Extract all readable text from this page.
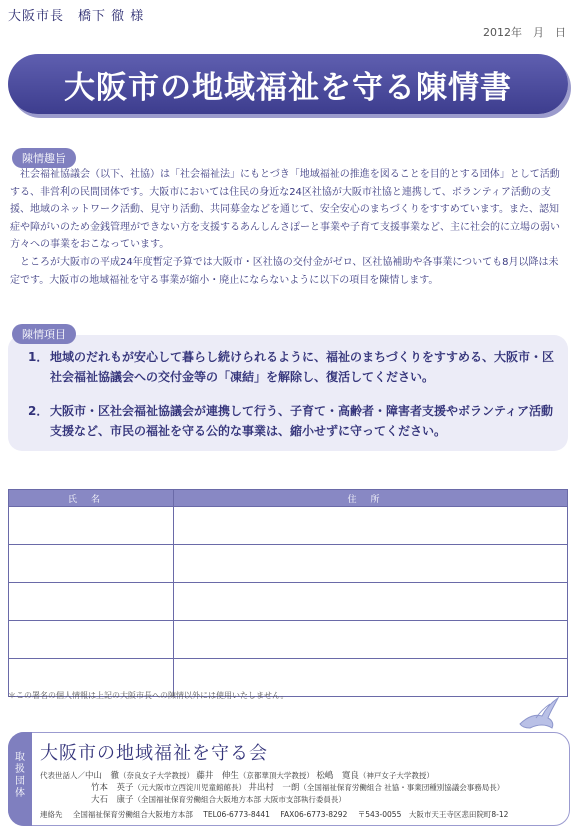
大阪市長　橋下 徹 様
2012年　月　日
大阪市の地域福祉を守る陳情書
陳情趣旨

社会福祉協議会（以下、社協）は「社会福祉法」にもとづき「地域福祉の推進を図ることを目的とする団体」として活動する、非営利の民間団体です。大阪市においては住民の身近な24区社協が大阪市社協と連携して、ボランティア活動の支援、地域のネットワーク活動、見守り活動、共同募金などを通じて、安全安心のまちづくりをすすめています。また、認知症や障がいのため金銭管理ができない方を支援するあんしんさぽーと事業や子育て支援事業など、主に社会的に立場の弱い方々への事業をおこなっています。

ところが大阪市の平成24年度暫定予算では大阪市・区社協の交付金がゼロ、区社協補助や各事業についても8月以降は未定です。大阪市の地域福祉を守る事業が縮小・廃止にならないように以下の項目を陳情します。

1． 地域のだれもが安心して暮らし続けられるように、福祉のまちづくりをすすめる、大阪市・区社会福祉協議会への交付金等の「凍結」を解除し、復活してください。
2． 大阪市・区社会福祉協議会が連携して行う、子育て・高齢者・障害者支援やボランティア活動支援など、市民の福祉を守る公的な事業は、縮小せずに守ってください。
陳情項目
氏名	住所

＊この署名の個人情報は上記の大阪市長への陳情以外には使用いたしません。
取扱団体
大阪市の地域福祉を守る会
代表世話人／中山　徹（奈良女子大学教授） 藤井　伸生（京都華頂大学教授） 松嶋　寛良（神戸女子大学教授）
竹本　英子（元大阪市立西淀川児童館館長） 井出村　一朗（全国福祉保育労働組合 社協・事業団種別協議会事務局長）
大石　康子（全国福祉保育労働組合大阪地方本部 大阪市支部執行委員長）
連絡先 全国福祉保育労働組合大阪地方本部 TEL06-6773-8441 FAX06-6773-8292 〒543-0055　大阪市天王寺区悲田院町8-12
